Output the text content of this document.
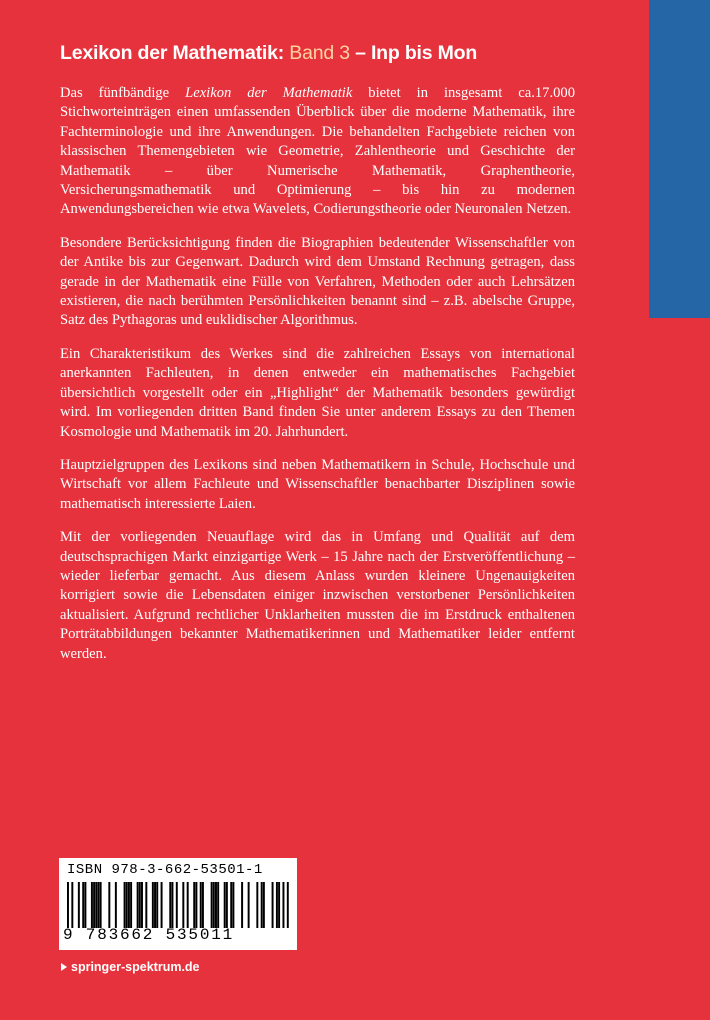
Lexikon der Mathematik: Band 3 – Inp bis Mon

Das fünfbändige Lexikon der Mathematik bietet in insgesamt ca.17.000 Stichworteinträgen einen umfassenden Überblick über die moderne Mathematik, ihre Fachterminologie und ihre Anwendungen. Die behandelten Fachgebiete reichen von klassischen Themengebieten wie Geometrie, Zahlentheorie und Geschichte der Mathematik – über Numerische Mathematik, Graphentheorie, Versicherungsmathematik und Optimierung – bis hin zu modernen Anwendungsbereichen wie etwa Wavelets, Codierungstheorie oder Neuronalen Netzen.

Besondere Berücksichtigung finden die Biographien bedeutender Wissenschaftler von der Antike bis zur Gegenwart. Dadurch wird dem Umstand Rechnung getragen, dass gerade in der Mathematik eine Fülle von Verfahren, Methoden oder auch Lehrsätzen existieren, die nach berühmten Persönlichkeiten benannt sind – z.B. abelsche Gruppe, Satz des Pythagoras und euklidischer Algorithmus.

Ein Charakteristikum des Werkes sind die zahlreichen Essays von international anerkannten Fachleuten, in denen entweder ein mathematisches Fachgebiet übersichtlich vorgestellt oder ein „Highlight“ der Mathematik besonders gewürdigt wird. Im vorliegenden dritten Band finden Sie unter anderem Essays zu den Themen Kosmologie und Mathematik im 20. Jahrhundert.

Hauptzielgruppen des Lexikons sind neben Mathematikern in Schule, Hochschule und Wirtschaft vor allem Fachleute und Wissenschaftler benachbarter Disziplinen sowie mathematisch interessierte Laien.

Mit der vorliegenden Neuauflage wird das in Umfang und Qualität auf dem deutschsprachigen Markt einzigartige Werk – 15 Jahre nach der Erstveröffentlichung – wieder lieferbar gemacht. Aus diesem Anlass wurden kleinere Ungenauigkeiten korrigiert sowie die Lebensdaten einiger inzwischen verstorbener Persönlichkeiten aktualisiert. Aufgrund rechtlicher Unklarheiten mussten die im Erstdruck enthaltenen Porträtabbildungen bekannter Mathematikerinnen und Mathematiker leider entfernt werden.

ISBN 978-3-662-53501-1
9 783662 535011
springer-spektrum.de
